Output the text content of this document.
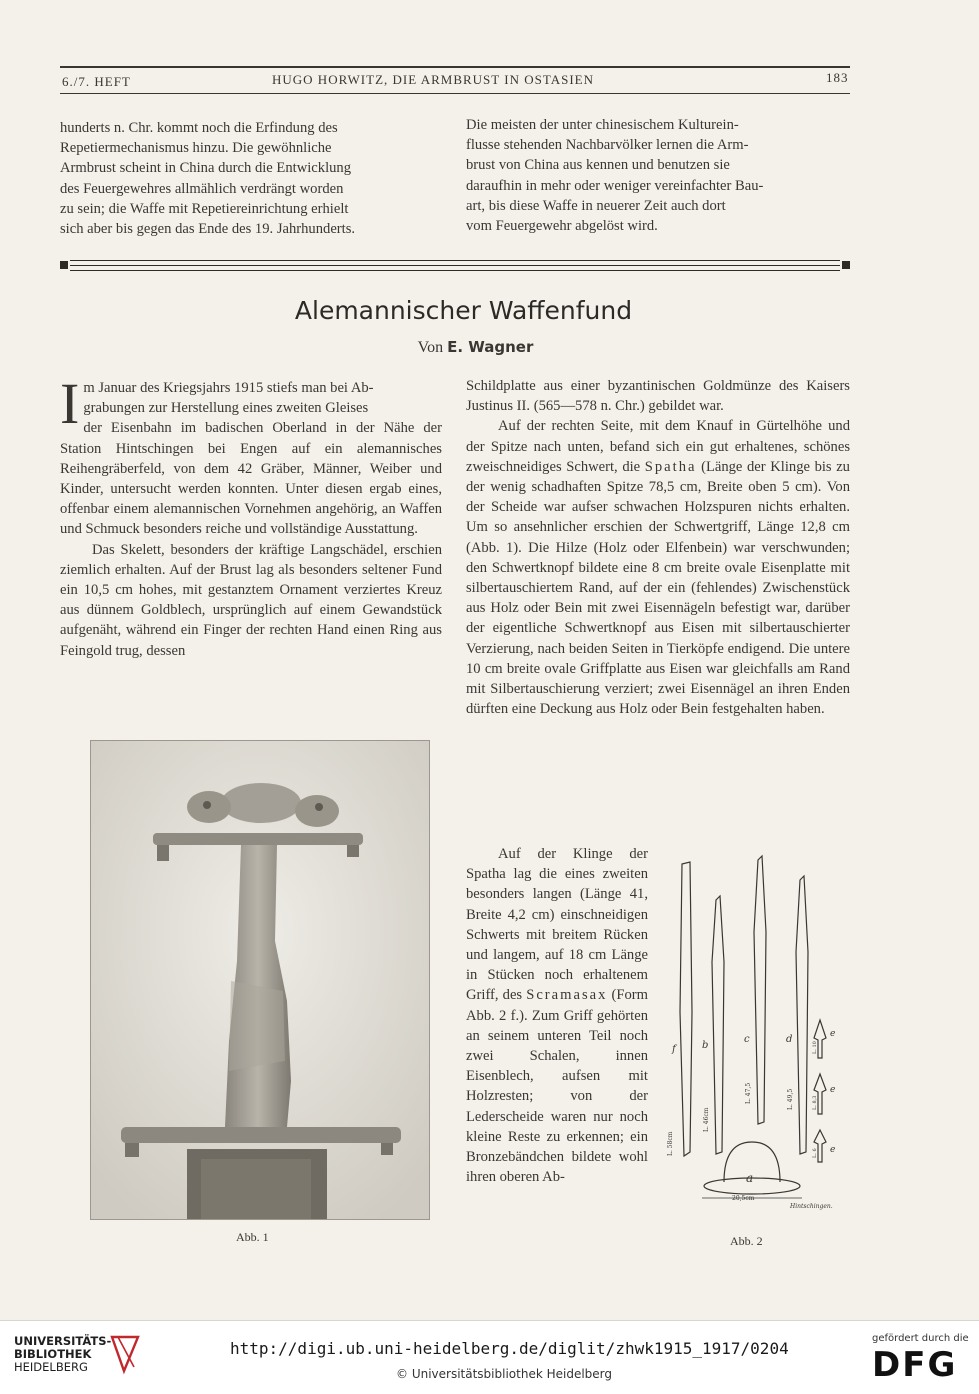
6./7. HEFT	HUGO HORWITZ, DIE ARMBRUST IN OSTASIEN	183
hunderts n. Chr. kommt noch die Erfindung des
Repetiermechanismus hinzu. Die gewöhnliche
Armbrust scheint in China durch die Entwicklung
des Feuergewehres allmählich verdrängt worden
zu sein; die Waffe mit Repetiereinrichtung erhielt
sich aber bis gegen das Ende des 19. Jahrhunderts.
Die meisten der unter chinesischem Kulturein-
flusse stehenden Nachbarvölker lernen die Arm-
brust von China aus kennen und benutzen sie
daraufhin in mehr oder weniger vereinfachter Bau-
art, bis diese Waffe in neuerer Zeit auch dort
vom Feuergewehr abgelöst wird.
Alemannischer Waffenfund
Von E. Wagner

I m Januar des Kriegsjahrs 1915 stiefs man bei Ab-
grabungen zur Herstellung eines zweiten Gleises
der Eisenbahn im badischen Oberland in der Nähe der Station Hintschingen bei Engen auf ein alemannisches Reihengräberfeld, von dem 42 Gräber, Männer, Weiber und Kinder, untersucht werden konnten. Unter diesen ergab eines, offenbar einem alemannischen Vornehmen angehörig, an Waffen und Schmuck besonders reiche und vollständige Ausstattung.

Das Skelett, besonders der kräftige Langschädel, erschien ziemlich erhalten. Auf der Brust lag als besonders seltener Fund ein 10,5 cm hohes, mit gestanztem Ornament verziertes Kreuz aus dünnem Goldblech, ursprünglich auf einem Gewandstück aufgenäht, während ein Finger der rechten Hand einen Ring aus Feingold trug, dessen

Abb. 1

Schildplatte aus einer byzantinischen Goldmünze des Kaisers Justinus II. (565—578 n. Chr.) gebildet war.

Auf der rechten Seite, mit dem Knauf in Gürtelhöhe und der Spitze nach unten, befand sich ein gut erhaltenes, schönes zweischneidiges Schwert, die Spatha (Länge der Klinge bis zu der wenig schadhaften Spitze 78,5 cm, Breite oben 5 cm). Von der Scheide war aufser schwachen Holzspuren nichts erhalten. Um so ansehnlicher erschien der Schwertgriff, Länge 12,8 cm (Abb. 1). Die Hilze (Holz oder Elfenbein) war verschwunden; den Schwertknopf bildete eine 8 cm breite ovale Eisenplatte mit silbertauschiertem Rand, auf der ein (fehlendes) Zwischenstück aus Holz oder Bein mit zwei Eisennägeln befestigt war, darüber der eigentliche Schwertknopf aus Eisen mit silbertauschierter Verzierung, nach beiden Seiten in Tierköpfe endigend. Die untere 10 cm breite ovale Griffplatte aus Eisen war gleichfalls am Rand mit Silbertauschierung verziert; zwei Eisennägel an ihren Enden dürften eine Deckung aus Holz oder Bein festgehalten haben.

Auf der Klinge der Spatha lag die eines zweiten besonders langen (Länge 41, Breite 4,2 cm) einschneidigen Schwerts mit breitem Rücken und langem, auf 18 cm Länge in Stücken noch erhaltenem Griff, des Scramasax (Form Abb. 2 f.). Zum Griff gehörten an seinem unteren Teil noch zwei Schalen, innen Eisenblech, aufsen mit Holzresten; von der Lederscheide waren nur noch kleine Reste zu erkennen; ein Bronzebändchen bildete wohl ihren oberen Ab-

f	b
c	d	e
e
e
a
20,5cm
Hintschingen.
L. 58cm
L. 46cm
L. 47,5	L. 49,5
L. 10
L. 8,3
L. 6
Abb. 2
UNIVERSITÄTS-
BIBLIOTHEK
HEIDELBERG
http://digi.ub.uni-heidelberg.de/diglit/zhwk1915_1917/0204
© Universitätsbibliothek Heidelberg
gefördert durch die
DFG
